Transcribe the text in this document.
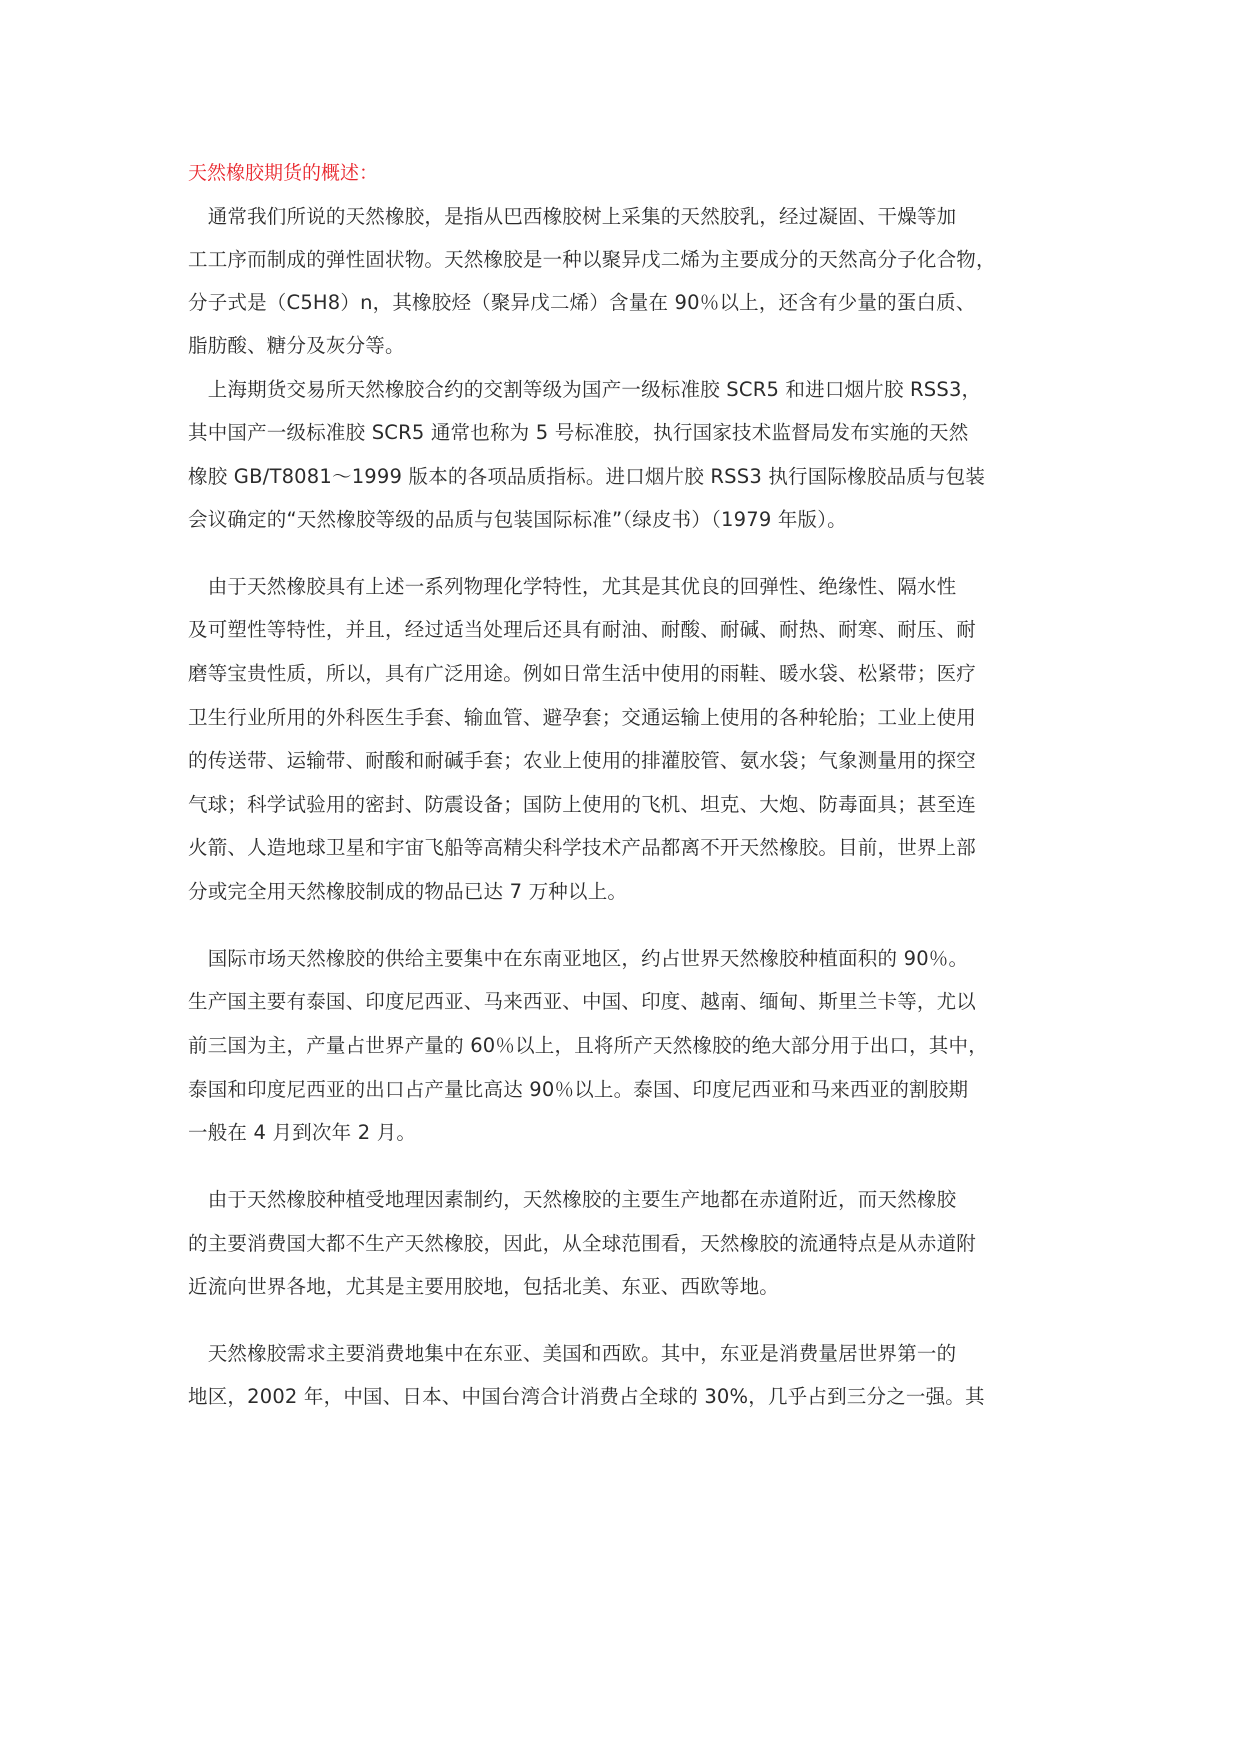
天然橡胶期货的概述：
　通常我们所说的天然橡胶，是指从巴西橡胶树上采集的天然胶乳，经过凝固、干燥等加
工工序而制成的弹性固状物。天然橡胶是一种以聚异戊二烯为主要成分的天然高分子化合物，
分子式是（C5H8）n，其橡胶烃（聚异戊二烯）含量在 90％以上，还含有少量的蛋白质、
脂肪酸、糖分及灰分等。
　上海期货交易所天然橡胶合约的交割等级为国产一级标准胶 SCR5 和进口烟片胶 RSS3，
其中国产一级标准胶 SCR5 通常也称为 5 号标准胶，执行国家技术监督局发布实施的天然
橡胶 GB/T8081～1999 版本的各项品质指标。进口烟片胶 RSS3 执行国际橡胶品质与包装
会议确定的“天然橡胶等级的品质与包装国际标准”（绿皮书）（1979 年版）。
　由于天然橡胶具有上述一系列物理化学特性，尤其是其优良的回弹性、绝缘性、隔水性
及可塑性等特性，并且，经过适当处理后还具有耐油、耐酸、耐碱、耐热、耐寒、耐压、耐
磨等宝贵性质，所以，具有广泛用途。例如日常生活中使用的雨鞋、暖水袋、松紧带；医疗
卫生行业所用的外科医生手套、输血管、避孕套；交通运输上使用的各种轮胎；工业上使用
的传送带、运输带、耐酸和耐碱手套；农业上使用的排灌胶管、氨水袋；气象测量用的探空
气球；科学试验用的密封、防震设备；国防上使用的飞机、坦克、大炮、防毒面具；甚至连
火箭、人造地球卫星和宇宙飞船等高精尖科学技术产品都离不开天然橡胶。目前，世界上部
分或完全用天然橡胶制成的物品已达 7 万种以上。
　国际市场天然橡胶的供给主要集中在东南亚地区，约占世界天然橡胶种植面积的 90％。
生产国主要有泰国、印度尼西亚、马来西亚、中国、印度、越南、缅甸、斯里兰卡等，尤以
前三国为主，产量占世界产量的 60％以上，且将所产天然橡胶的绝大部分用于出口，其中，
泰国和印度尼西亚的出口占产量比高达 90％以上。泰国、印度尼西亚和马来西亚的割胶期
一般在 4 月到次年 2 月。
　由于天然橡胶种植受地理因素制约，天然橡胶的主要生产地都在赤道附近，而天然橡胶
的主要消费国大都不生产天然橡胶，因此，从全球范围看，天然橡胶的流通特点是从赤道附
近流向世界各地，尤其是主要用胶地，包括北美、东亚、西欧等地。
　天然橡胶需求主要消费地集中在东亚、美国和西欧。其中，东亚是消费量居世界第一的
地区，2002 年，中国、日本、中国台湾合计消费占全球的 30%，几乎占到三分之一强。其
